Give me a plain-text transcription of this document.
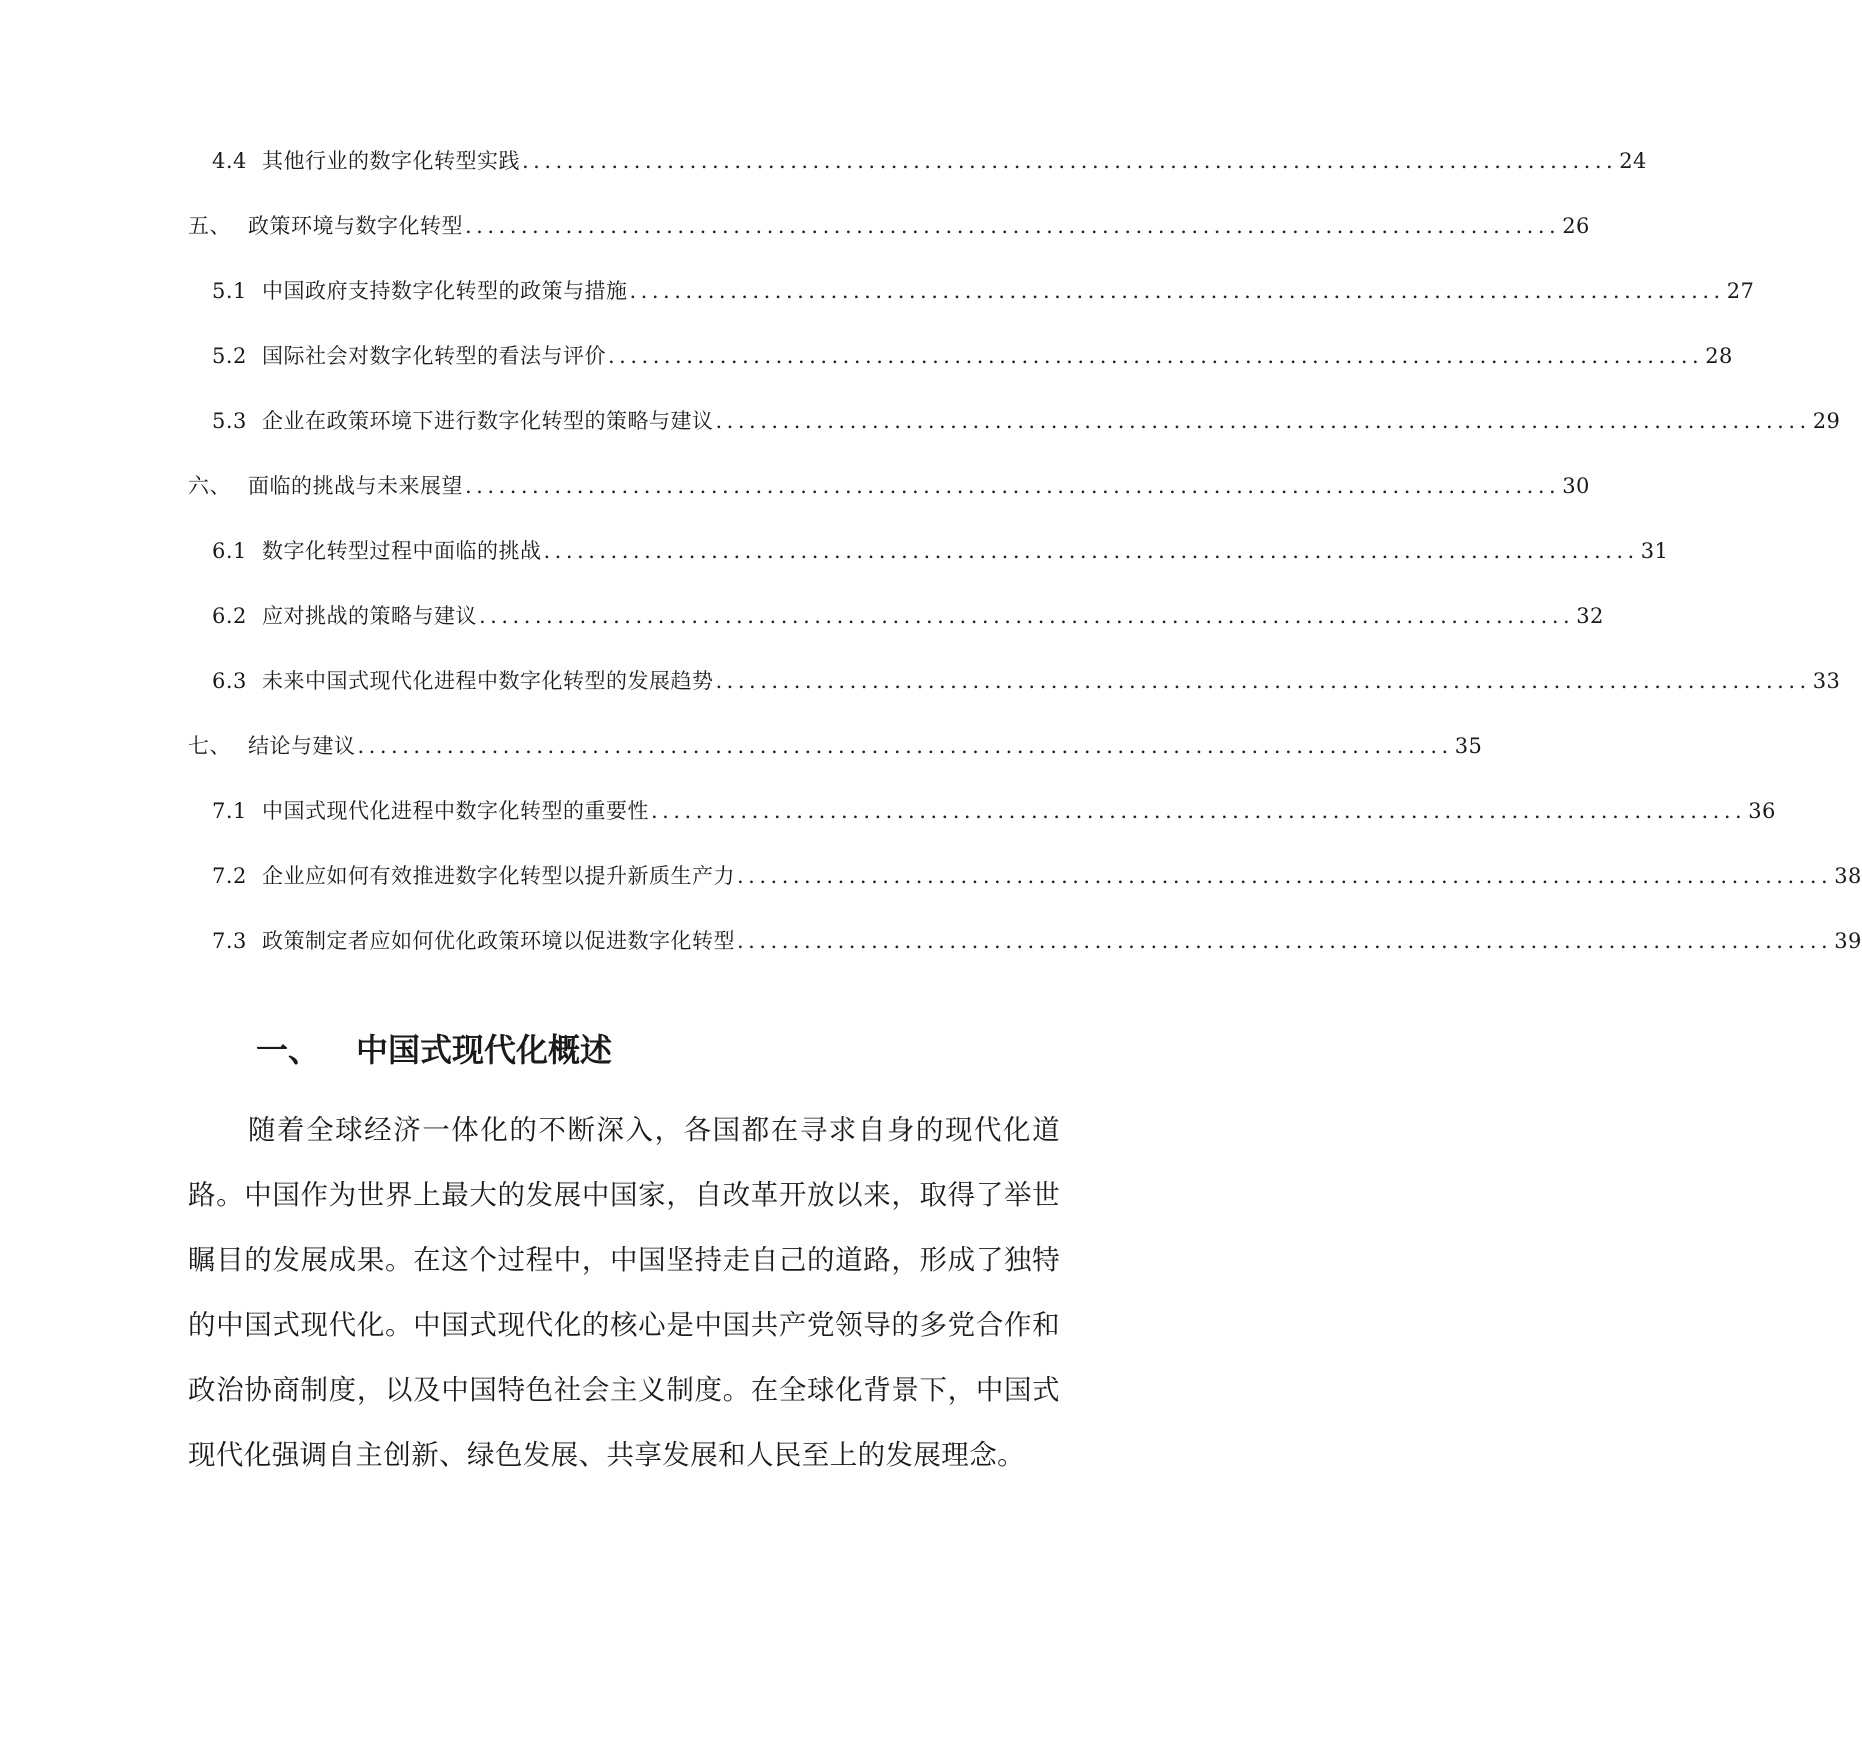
4.4 其他行业的数字化转型实践 .................................................................................................. 24
五、 政策环境与数字化转型 .................................................................................................. 26
5.1 中国政府支持数字化转型的政策与措施 .................................................................................................. 27
5.2 国际社会对数字化转型的看法与评价 .................................................................................................. 28
5.3 企业在政策环境下进行数字化转型的策略与建议 .................................................................................................. 29
六、 面临的挑战与未来展望 .................................................................................................. 30
6.1 数字化转型过程中面临的挑战 .................................................................................................. 31
6.2 应对挑战的策略与建议 .................................................................................................. 32
6.3 未来中国式现代化进程中数字化转型的发展趋势 .................................................................................................. 33
七、 结论与建议 .................................................................................................. 35
7.1 中国式现代化进程中数字化转型的重要性 .................................................................................................. 36
7.2 企业应如何有效推进数字化转型以提升新质生产力 .................................................................................................. 38
7.3 政策制定者应如何优化政策环境以促进数字化转型 .................................................................................................. 39
一、 中国式现代化概述

随着全球经济一体化的不断深入，各国都在寻求自身的现代化道路。中国作为世界上最大的发展中国家，自改革开放以来，取得了举世瞩目的发展成果。在这个过程中，中国坚持走自己的道路，形成了独特的中国式现代化。中国式现代化的核心是中国共产党领导的多党合作和政治协商制度，以及中国特色社会主义制度。在全球化背景下，中国式现代化强调自主创新、绿色发展、共享发展和人民至上的发展理念。
